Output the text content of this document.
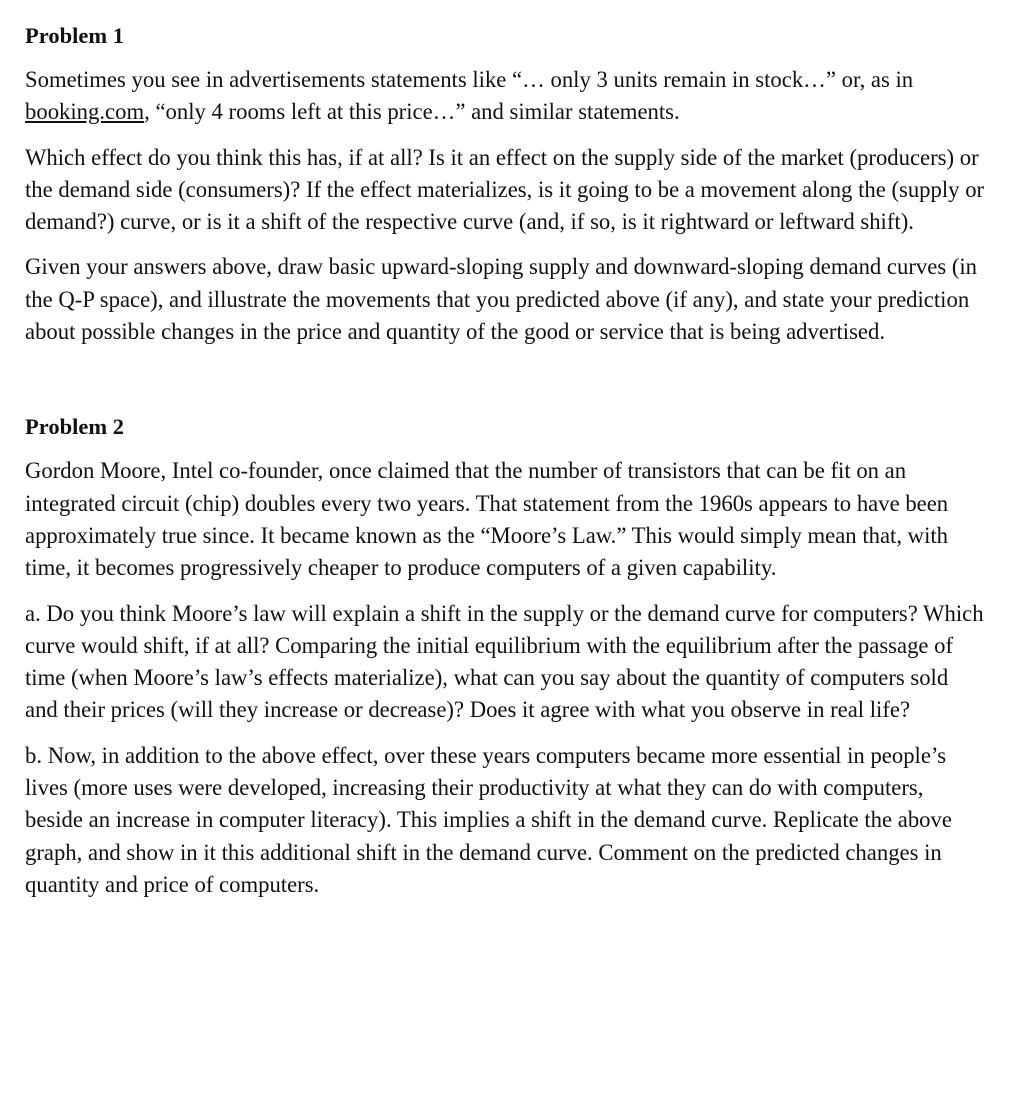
Problem 1

Sometimes you see in advertisements statements like “… only 3 units remain in stock…” or, as in booking.com, “only 4 rooms left at this price…” and similar statements.

Which effect do you think this has, if at all? Is it an effect on the supply side of the market (producers) or the demand side (consumers)? If the effect materializes, is it going to be a movement along the (supply or demand?) curve, or is it a shift of the respective curve (and, if so, is it rightward or leftward shift).

Given your answers above, draw basic upward-sloping supply and downward-sloping demand curves (in the Q-P space), and illustrate the movements that you predicted above (if any), and state your prediction about possible changes in the price and quantity of the good or service that is being advertised.

Problem 2

Gordon Moore, Intel co-founder, once claimed that the number of transistors that can be fit on an integrated circuit (chip) doubles every two years. That statement from the 1960s appears to have been approximately true since. It became known as the “Moore’s Law.” This would simply mean that, with time, it becomes progressively cheaper to produce computers of a given capability.

a. Do you think Moore’s law will explain a shift in the supply or the demand curve for computers? Which curve would shift, if at all? Comparing the initial equilibrium with the equilibrium after the passage of time (when Moore’s law’s effects materialize), what can you say about the quantity of computers sold and their prices (will they increase or decrease)? Does it agree with what you observe in real life?

b. Now, in addition to the above effect, over these years computers became more essential in people’s lives (more uses were developed, increasing their productivity at what they can do with computers, beside an increase in computer literacy). This implies a shift in the demand curve. Replicate the above graph, and show in it this additional shift in the demand curve. Comment on the predicted changes in quantity and price of computers.
